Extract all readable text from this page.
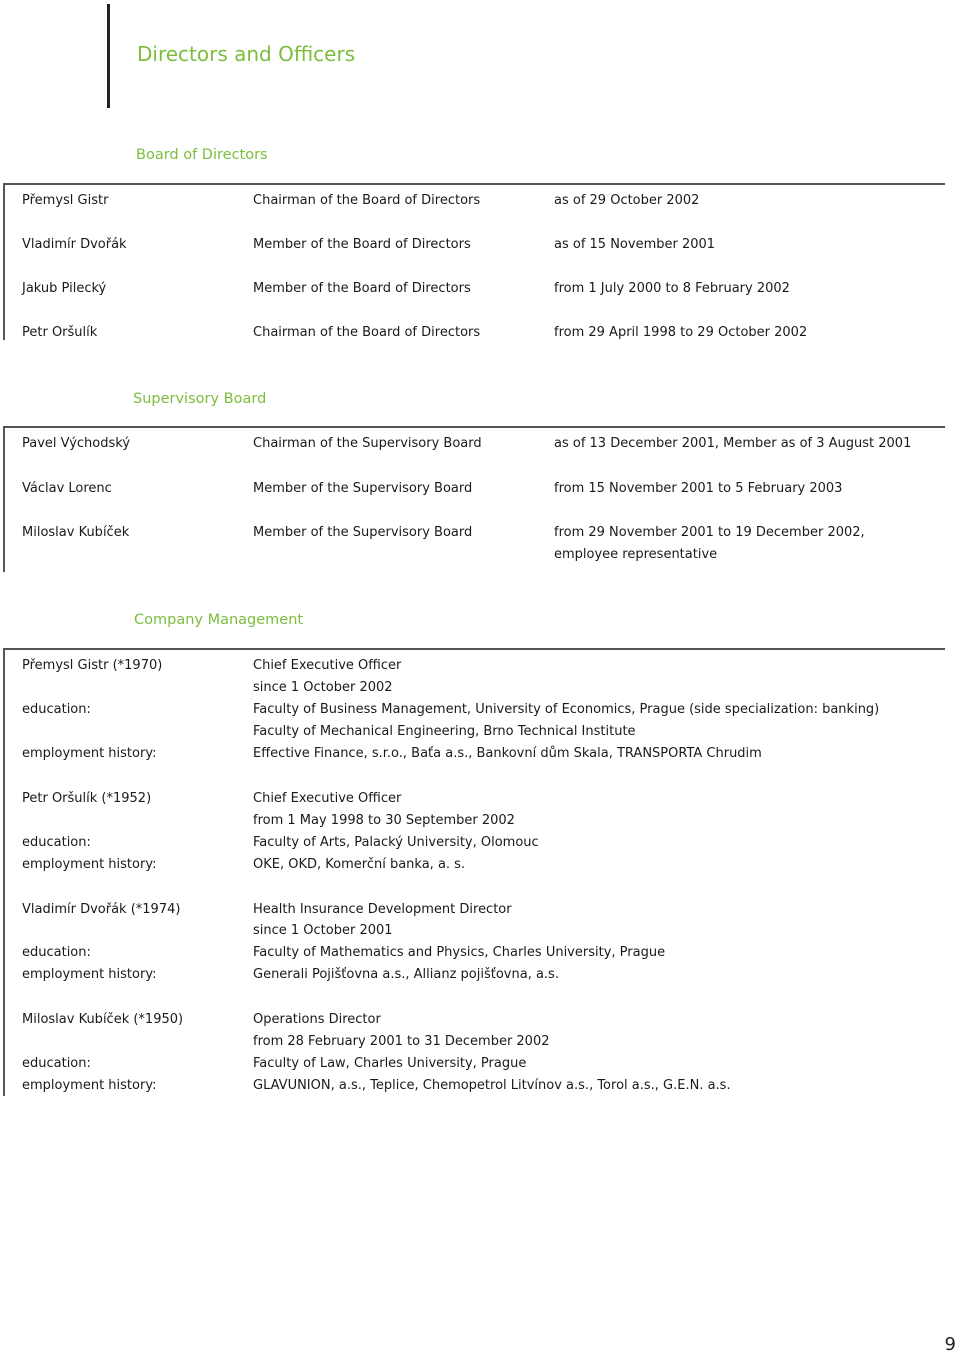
Directors and Officers
Board of Directors
Přemysl Gistr	Chairman of the Board of Directors	as of 29 October 2002
Vladimír Dvořák	Member of the Board of Directors	as of 15 November 2001
Jakub Pilecký	Member of the Board of Directors	from 1 July 2000 to 8 February 2002
Petr Oršulík	Chairman of the Board of Directors	from 29 April 1998 to 29 October 2002
Supervisory Board
Pavel Východský	Chairman of the Supervisory Board	as of 13 December 2001, Member as of 3 August 2001
Václav Lorenc	Member of the Supervisory Board	from 15 November 2001 to 5 February 2003
Miloslav Kubíček	Member of the Supervisory Board	from 29 November 2001 to 19 December 2002,
employee representative
Company Management
Přemysl Gistr (*1970)	Chief Executive Officer
since 1 October 2002
education:	Faculty of Business Management, University of Economics, Prague (side specialization: banking)
Faculty of Mechanical Engineering, Brno Technical Institute
employment history:	Effective Finance, s.r.o., Baťa a.s., Bankovní dům Skala, TRANSPORTA Chrudim
Petr Oršulík (*1952)	Chief Executive Officer
from 1 May 1998 to 30 September 2002
education:	Faculty of Arts, Palacký University, Olomouc
employment history:	OKE, OKD, Komerční banka, a. s.
Vladimír Dvořák (*1974)	Health Insurance Development Director
since 1 October 2001
education:	Faculty of Mathematics and Physics, Charles University, Prague
employment history:	Generali Pojišťovna a.s., Allianz pojišťovna, a.s.
Miloslav Kubíček (*1950)	Operations Director
from 28 February 2001 to 31 December 2002
education:	Faculty of Law, Charles University, Prague
employment history:	GLAVUNION, a.s., Teplice, Chemopetrol Litvínov a.s., Torol a.s., G.E.N. a.s.
9
